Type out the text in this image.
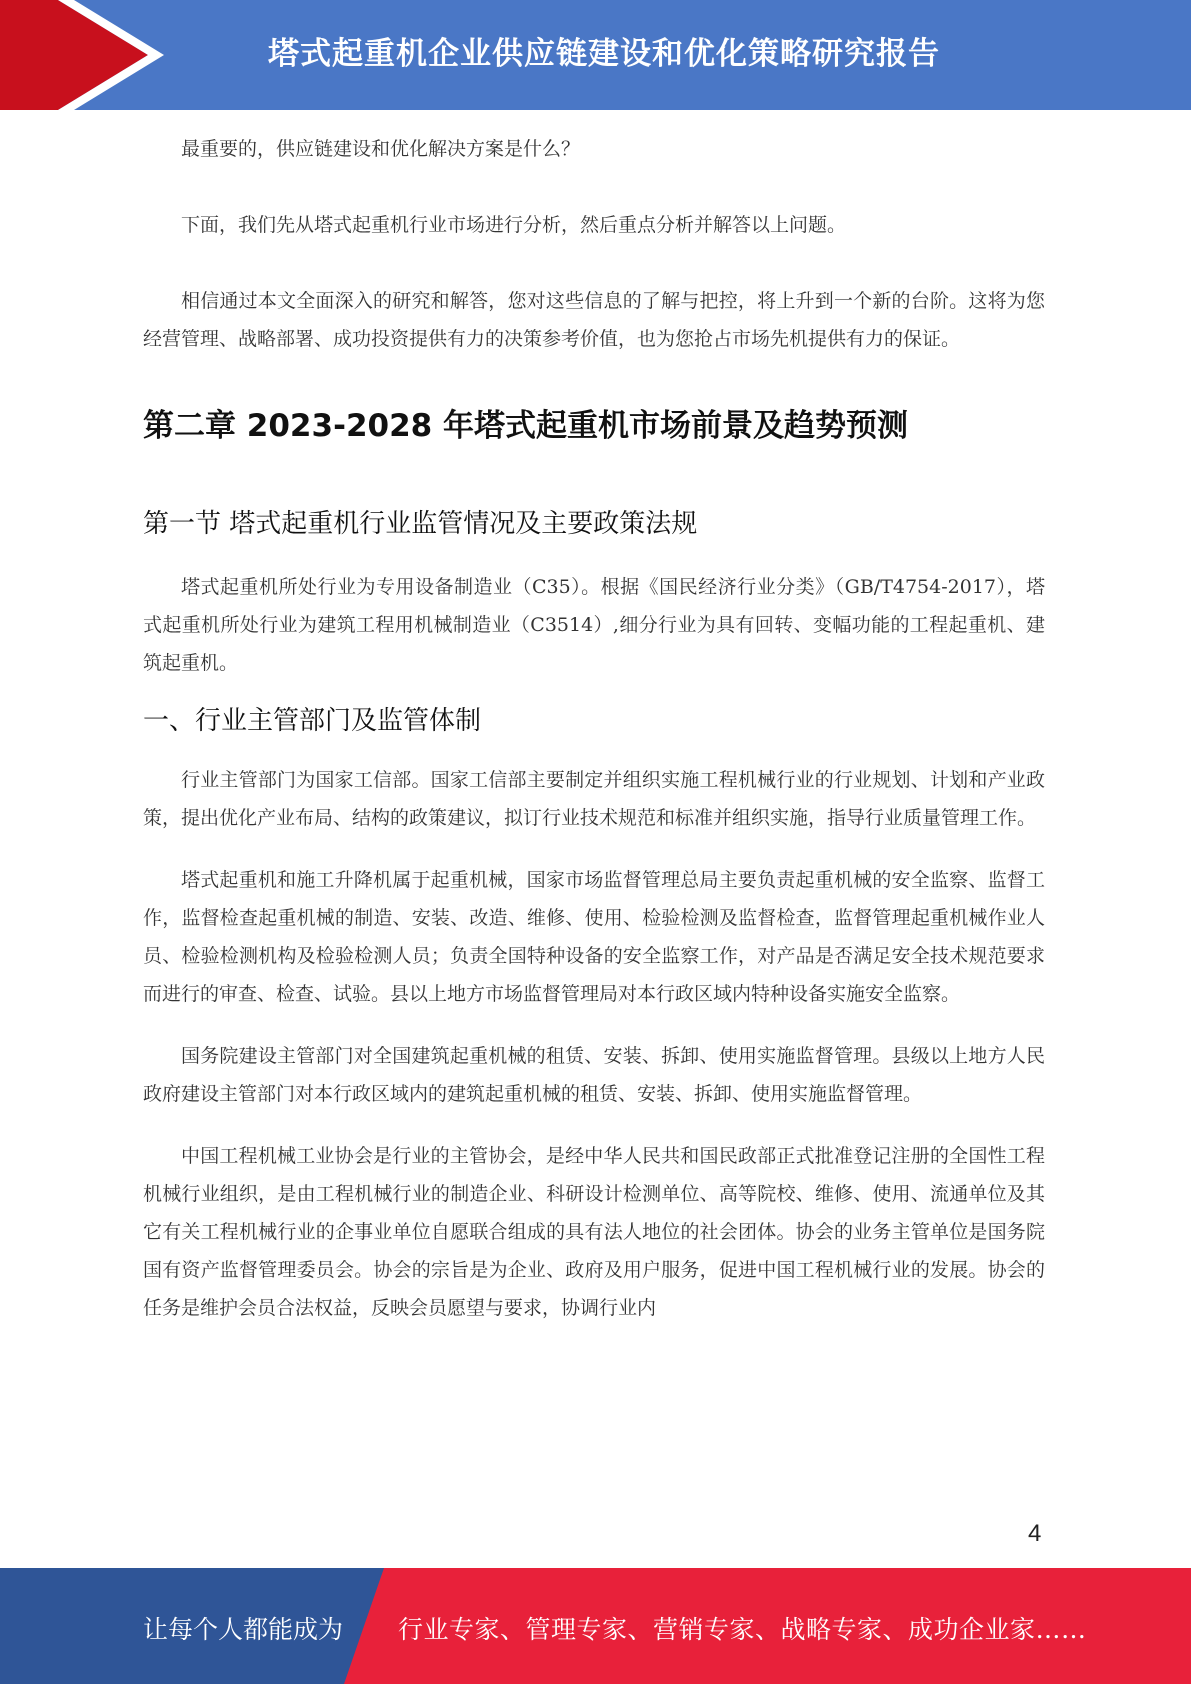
塔式起重机企业供应链建设和优化策略研究报告

最重要的，供应链建设和优化解决方案是什么？

下面，我们先从塔式起重机行业市场进行分析，然后重点分析并解答以上问题。

相信通过本文全面深入的研究和解答，您对这些信息的了解与把控，将上升到一个新的台阶。这将为您经营管理、战略部署、成功投资提供有力的决策参考价值，也为您抢占市场先机提供有力的保证。

第二章 2023-2028 年塔式起重机市场前景及趋势预测
第一节 塔式起重机行业监管情况及主要政策法规

塔式起重机所处行业为专用设备制造业（C35）。根据《国民经济行业分类》（GB/T4754-2017），塔式起重机所处行业为建筑工程用机械制造业（C3514）,细分行业为具有回转、变幅功能的工程起重机、建筑起重机。

一、行业主管部门及监管体制

行业主管部门为国家工信部。国家工信部主要制定并组织实施工程机械行业的行业规划、计划和产业政策，提出优化产业布局、结构的政策建议，拟订行业技术规范和标准并组织实施，指导行业质量管理工作。

塔式起重机和施工升降机属于起重机械，国家市场监督管理总局主要负责起重机械的安全监察、监督工作，监督检查起重机械的制造、安装、改造、维修、使用、检验检测及监督检查，监督管理起重机械作业人员、检验检测机构及检验检测人员；负责全国特种设备的安全监察工作，对产品是否满足安全技术规范要求而进行的审查、检查、试验。县以上地方市场监督管理局对本行政区域内特种设备实施安全监察。

国务院建设主管部门对全国建筑起重机械的租赁、安装、拆卸、使用实施监督管理。县级以上地方人民政府建设主管部门对本行政区域内的建筑起重机械的租赁、安装、拆卸、使用实施监督管理。

中国工程机械工业协会是行业的主管协会，是经中华人民共和国民政部正式批准登记注册的全国性工程机械行业组织，是由工程机械行业的制造企业、科研设计检测单位、高等院校、维修、使用、流通单位及其它有关工程机械行业的企事业单位自愿联合组成的具有法人地位的社会团体。协会的业务主管单位是国务院国有资产监督管理委员会。协会的宗旨是为企业、政府及用户服务，促进中国工程机械行业的发展。协会的任务是维护会员合法权益，反映会员愿望与要求，协调行业内

4
让每个人都能成为 行业专家、管理专家、营销专家、战略专家、成功企业家……
